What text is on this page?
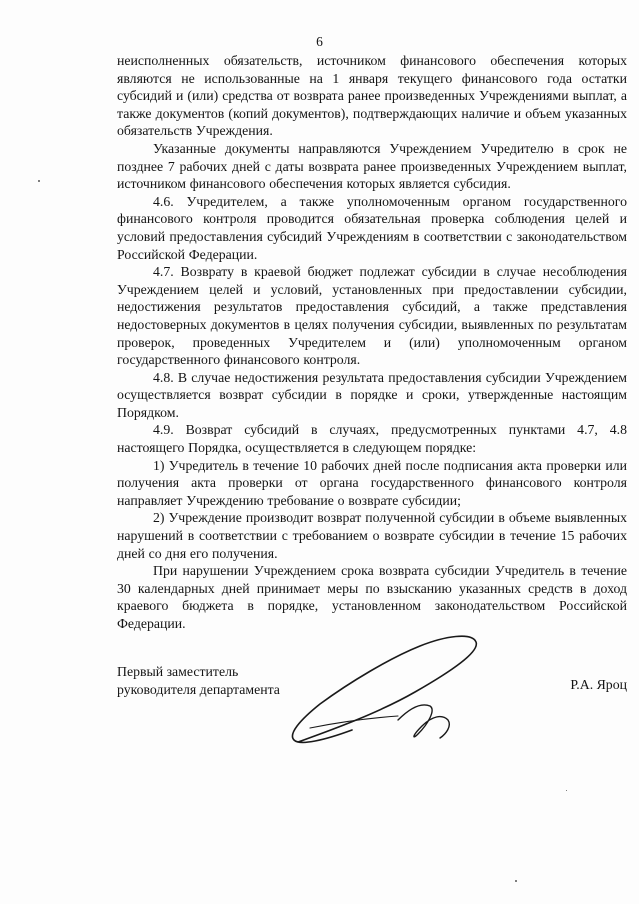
6

неисполненных обязательств, источником финансового обеспечения которых являются не использованные на 1 января текущего финансового года остатки субсидий и (или) средства от возврата ранее произведенных Учреждениями выплат, а также документов (копий документов), подтверждающих наличие и объем указанных обязательств Учреждения.

Указанные документы направляются Учреждением Учредителю в срок не позднее 7 рабочих дней с даты возврата ранее произведенных Учреждением выплат, источником финансового обеспечения которых является субсидия.

4.6. Учредителем, а также уполномоченным органом государственного финансового контроля проводится обязательная проверка соблюдения целей и условий предоставления субсидий Учреждениям в соответствии с законодательством Российской Федерации.

4.7. Возврату в краевой бюджет подлежат субсидии в случае несоблюдения Учреждением целей и условий, установленных при предоставлении субсидии, недостижения результатов предоставления субсидий, а также представления недостоверных документов в целях получения субсидии, выявленных по результатам проверок, проведенных Учредителем и (или) уполномоченным органом государственного финансового контроля.

4.8. В случае недостижения результата предоставления субсидии Учреждением осуществляется возврат субсидии в порядке и сроки, утвержденные настоящим Порядком.

4.9. Возврат субсидий в случаях, предусмотренных пунктами 4.7, 4.8 настоящего Порядка, осуществляется в следующем порядке:

1) Учредитель в течение 10 рабочих дней после подписания акта проверки или получения акта проверки от органа государственного финансового контроля направляет Учреждению требование о возврате субсидии;

2) Учреждение производит возврат полученной субсидии в объеме выявленных нарушений в соответствии с требованием о возврате субсидии в течение 15 рабочих дней со дня его получения.

При нарушении Учреждением срока возврата субсидии Учредитель в течение 30 календарных дней принимает меры по взысканию указанных средств в доход краевого бюджета в порядке, установленном законодательством Российской Федерации.

Первый заместитель
руководителя департамента	Р.А. Яроц
